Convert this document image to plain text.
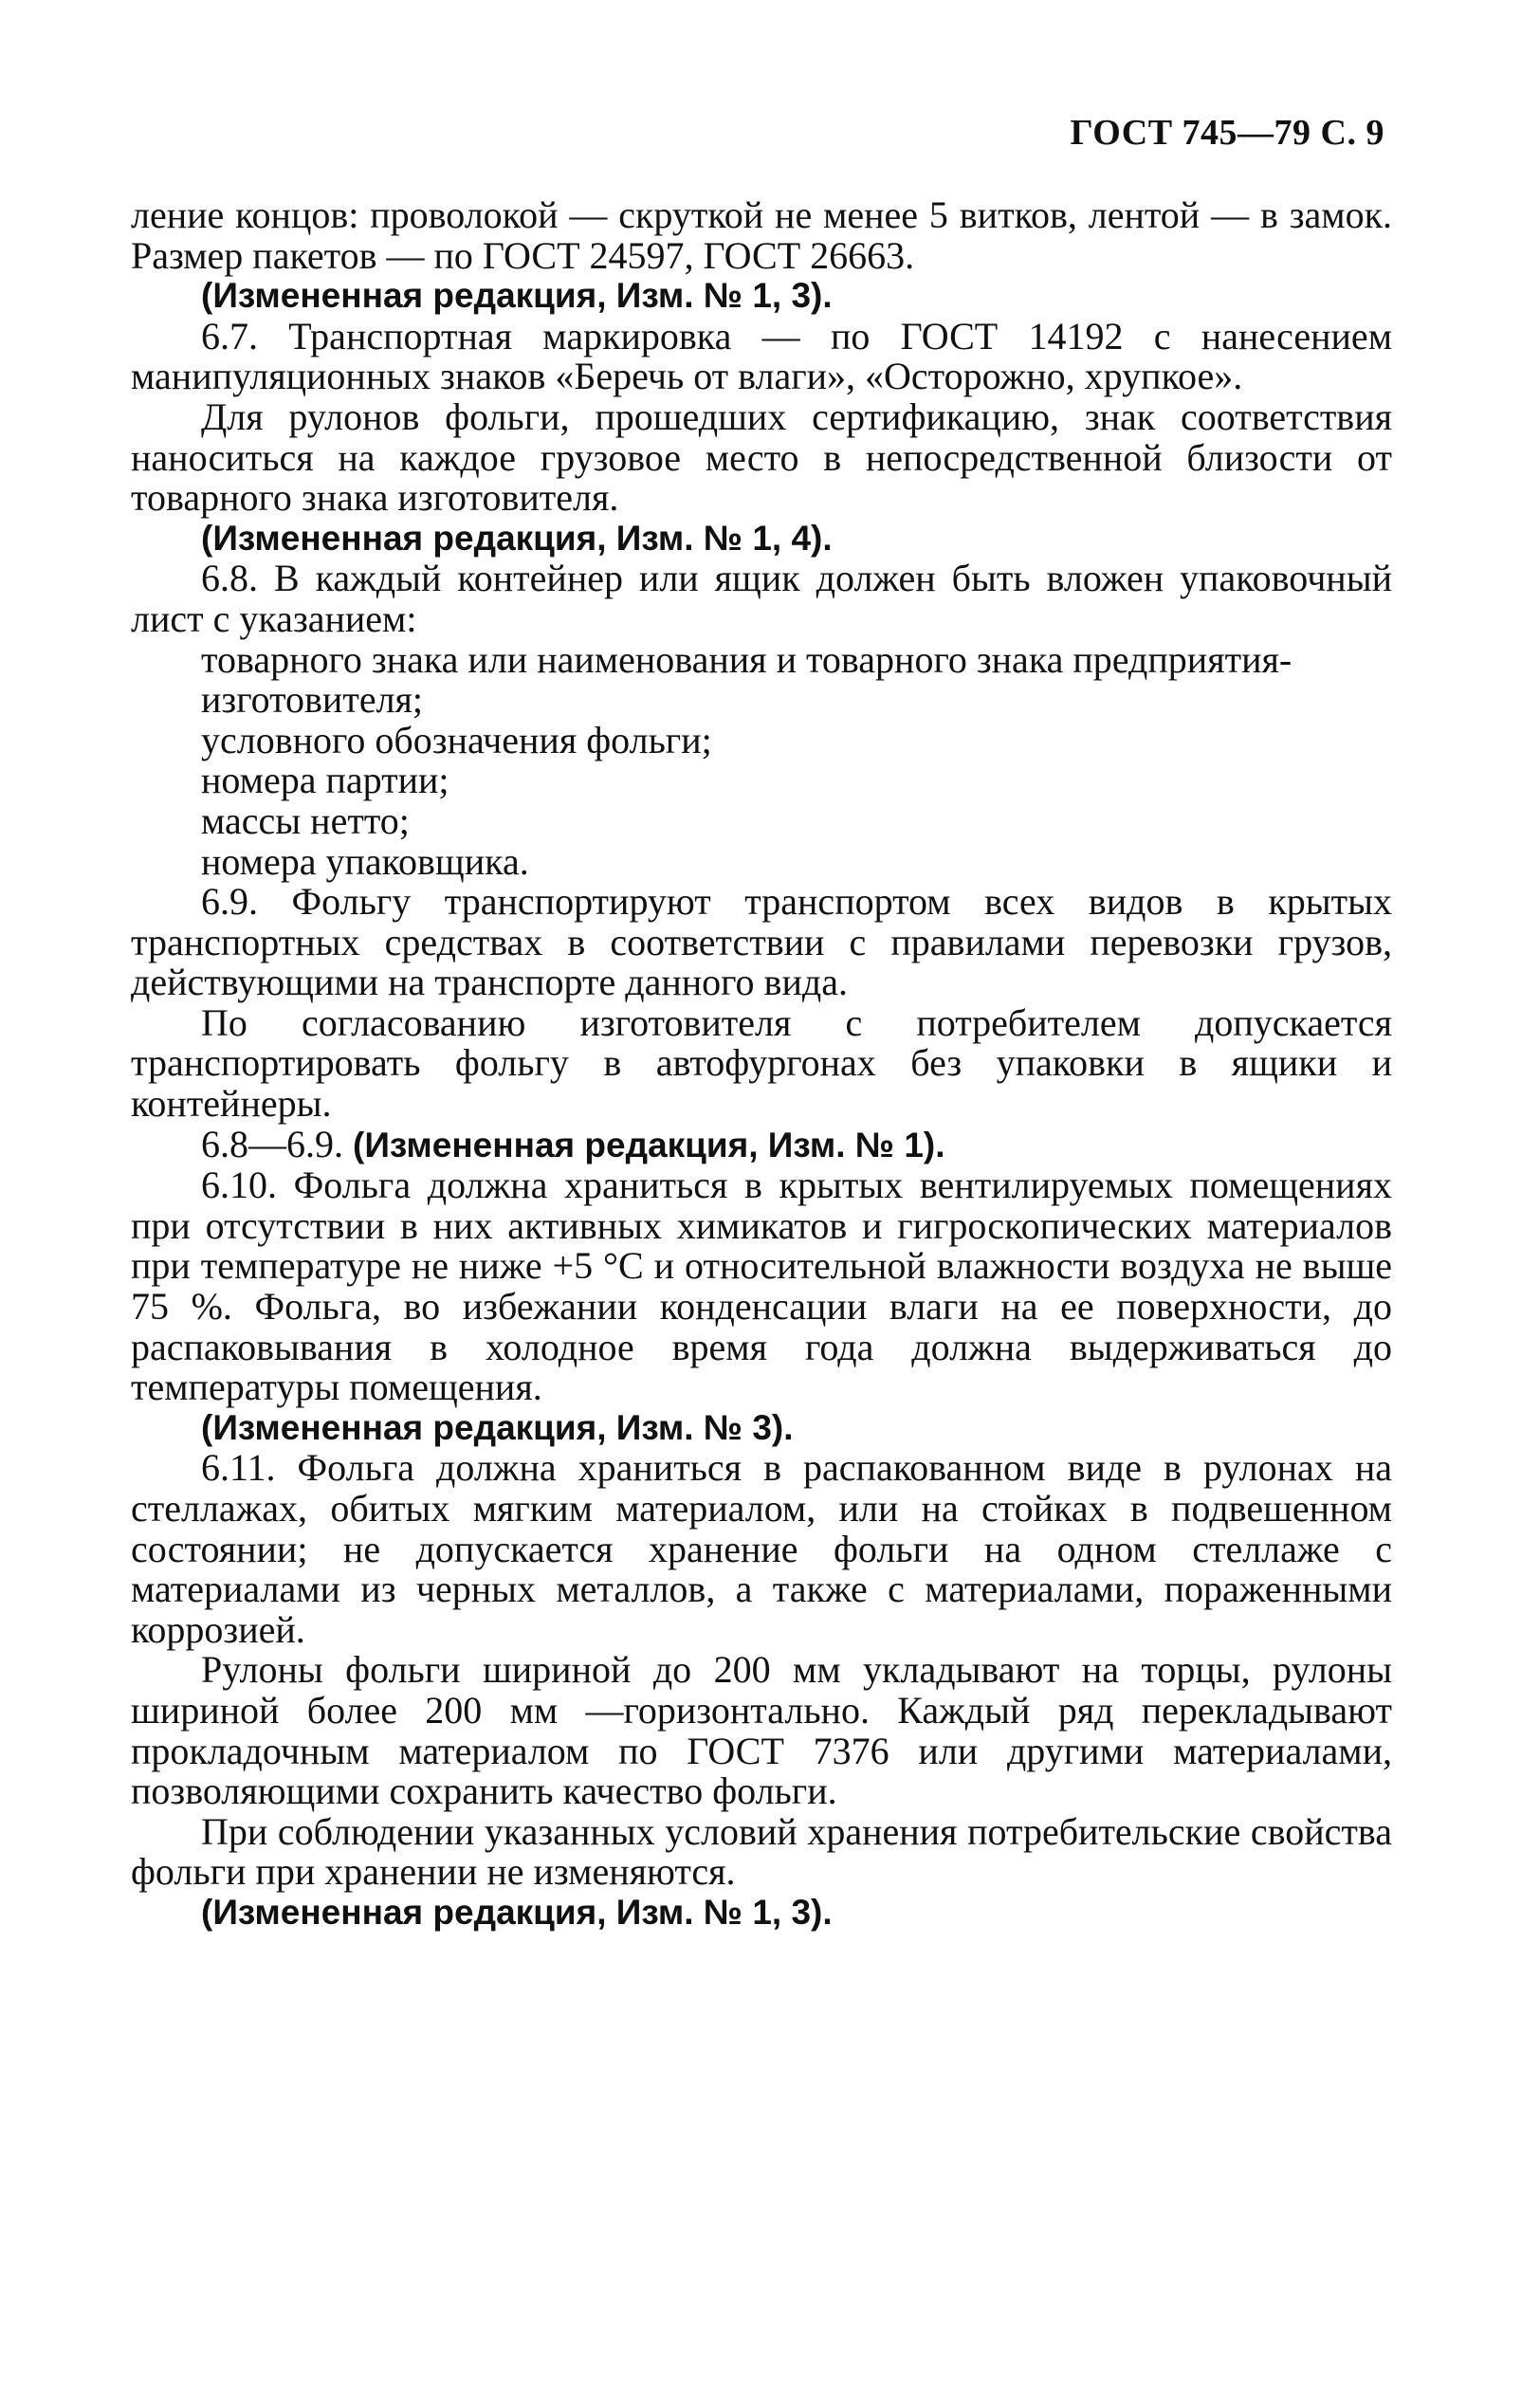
ГОСТ 745—79 С. 9

ление концов: проволокой — скруткой не менее 5 витков, лентой — в замок. Размер пакетов — по ГОСТ 24597, ГОСТ 26663.

(Измененная редакция, Изм. № 1, 3).

6.7. Транспортная маркировка — по ГОСТ 14192 с нанесением манипуляционных знаков «Беречь от влаги», «Осторожно, хрупкое».

Для рулонов фольги, прошедших сертификацию, знак соответствия наноситься на каждое грузовое место в непосредственной близости от товарного знака изготовителя.

(Измененная редакция, Изм. № 1, 4).

6.8. В каждый контейнер или ящик должен быть вложен упаковочный лист с указанием:

товарного знака или наименования и товарного знака предприятия-изготовителя;

условного обозначения фольги;

номера партии;

массы нетто;

номера упаковщика.

6.9. Фольгу транспортируют транспортом всех видов в крытых транспортных средствах в соответствии с правилами перевозки грузов, действующими на транспорте данного вида.

По согласованию изготовителя с потребителем допускается транспортировать фольгу в автофургонах без упаковки в ящики и контейнеры.

6.8—6.9. (Измененная редакция, Изм. № 1).

6.10. Фольга должна храниться в крытых вентилируемых помещениях при отсутствии в них активных химикатов и гигроскопических материалов при температуре не ниже +5 °С и относительной влажности воздуха не выше 75 %. Фольга, во избежании конденсации влаги на ее поверхности, до распаковывания в холодное время года должна выдерживаться до температуры помещения.

(Измененная редакция, Изм. № 3).

6.11. Фольга должна храниться в распакованном виде в рулонах на стеллажах, обитых мягким материалом, или на стойках в подвешенном состоянии; не допускается хранение фольги на одном стеллаже с материалами из черных металлов, а также с материалами, пораженными коррозией.

Рулоны фольги шириной до 200 мм укладывают на торцы, рулоны шириной более 200 мм —горизонтально. Каждый ряд перекладывают прокладочным материалом по ГОСТ 7376 или другими материалами, позволяющими сохранить качество фольги.

При соблюдении указанных условий хранения потребительские свойства фольги при хранении не изменяются.

(Измененная редакция, Изм. № 1, 3).
